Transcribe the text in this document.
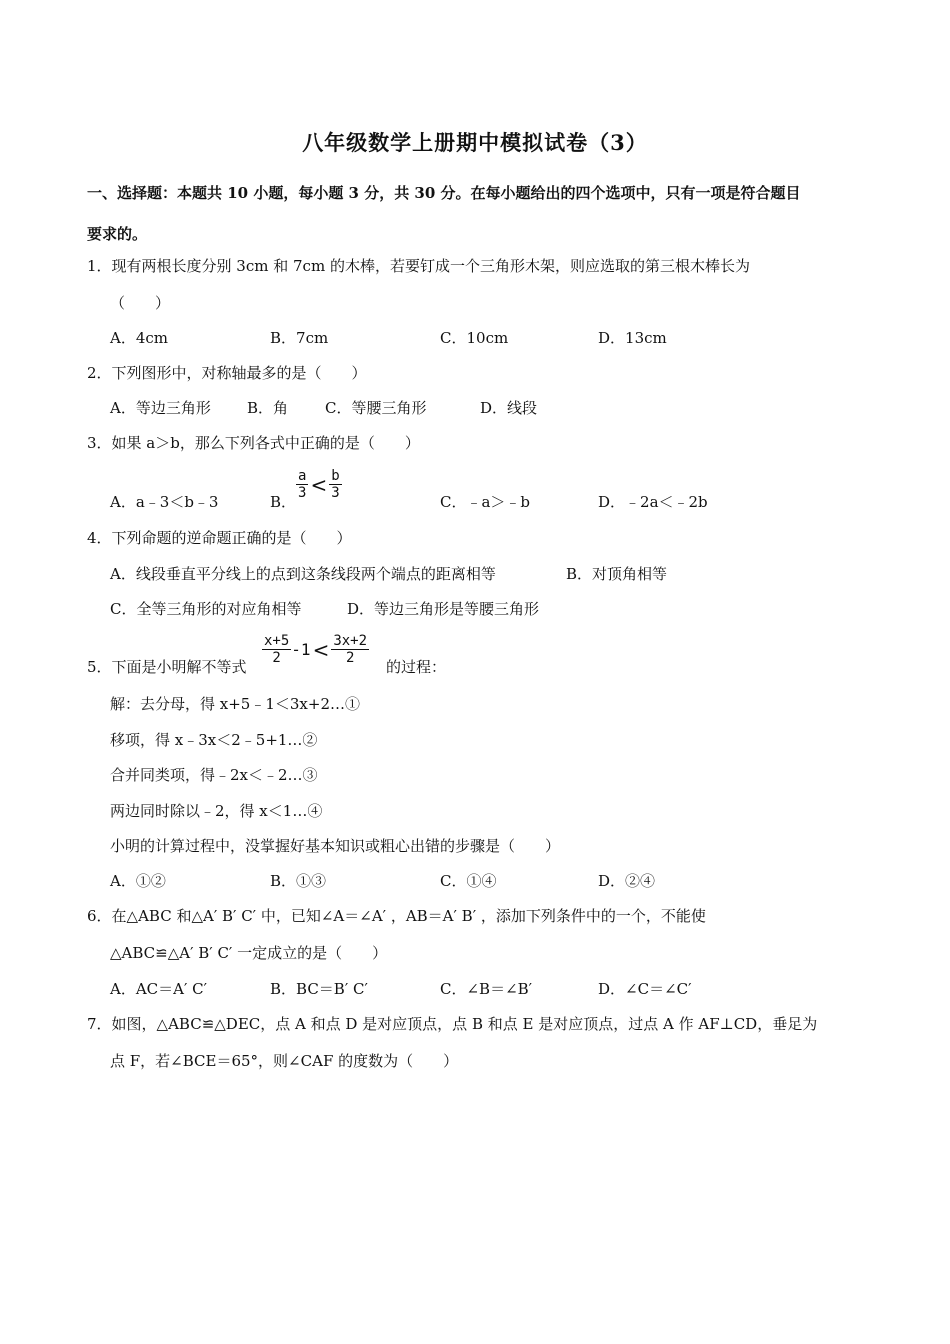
八年级数学上册期中模拟试卷（3）
一、选择题：本题共 10 小题，每小题 3 分，共 30 分。在每小题给出的四个选项中，只有一项是符合题目
要求的。
1．现有两根长度分别 3cm 和 7cm 的木棒，若要钉成一个三角形木架，则应选取的第三根木棒长为
（　　）
A．4cm	B．7cm	C．10cm	D．13cm
2．下列图形中，对称轴最多的是（　　）
A．等边三角形 B．角 C．等腰三角形	D．线段
3．如果 a＞b，那么下列各式中正确的是（　　）
A．a﹣3＜b﹣3	B．
$\frac{a}{3} < \frac{b}{3}$
C．﹣a＞﹣b	D．﹣2a＜﹣2b
4．下列命题的逆命题正确的是（　　）
A．线段垂直平分线上的点到这条线段两个端点的距离相等	B．对顶角相等
C．全等三角形的对应角相等	D．等边三角形是等腰三角形
5．下面是小明解不等式
$\frac{x+5}{2} -1 < \frac{3x+2}{2}$
的过程：
解：去分母，得 x+5﹣1＜3x+2…①
移项，得 x﹣3x＜2﹣5+1…②
合并同类项，得﹣2x＜﹣2…③
两边同时除以﹣2，得 x＜1…④
小明的计算过程中，没掌握好基本知识或粗心出错的步骤是（　　）
A．①②	B．①③	C．①④	D．②④
6．在△ABC 和△A′ B′ C′ 中，已知∠A＝∠A′ ，AB＝A′ B′ ，添加下列条件中的一个，不能使
△ABC≌△A′ B′ C′ 一定成立的是（　　）
A．AC＝A′ C′	B．BC＝B′ C′	C．∠B＝∠B′	D．∠C＝∠C′
7．如图，△ABC≌△DEC，点 A 和点 D 是对应顶点，点 B 和点 E 是对应顶点，过点 A 作 AF⊥CD，垂足为
点 F，若∠BCE＝65°，则∠CAF 的度数为（　　）
